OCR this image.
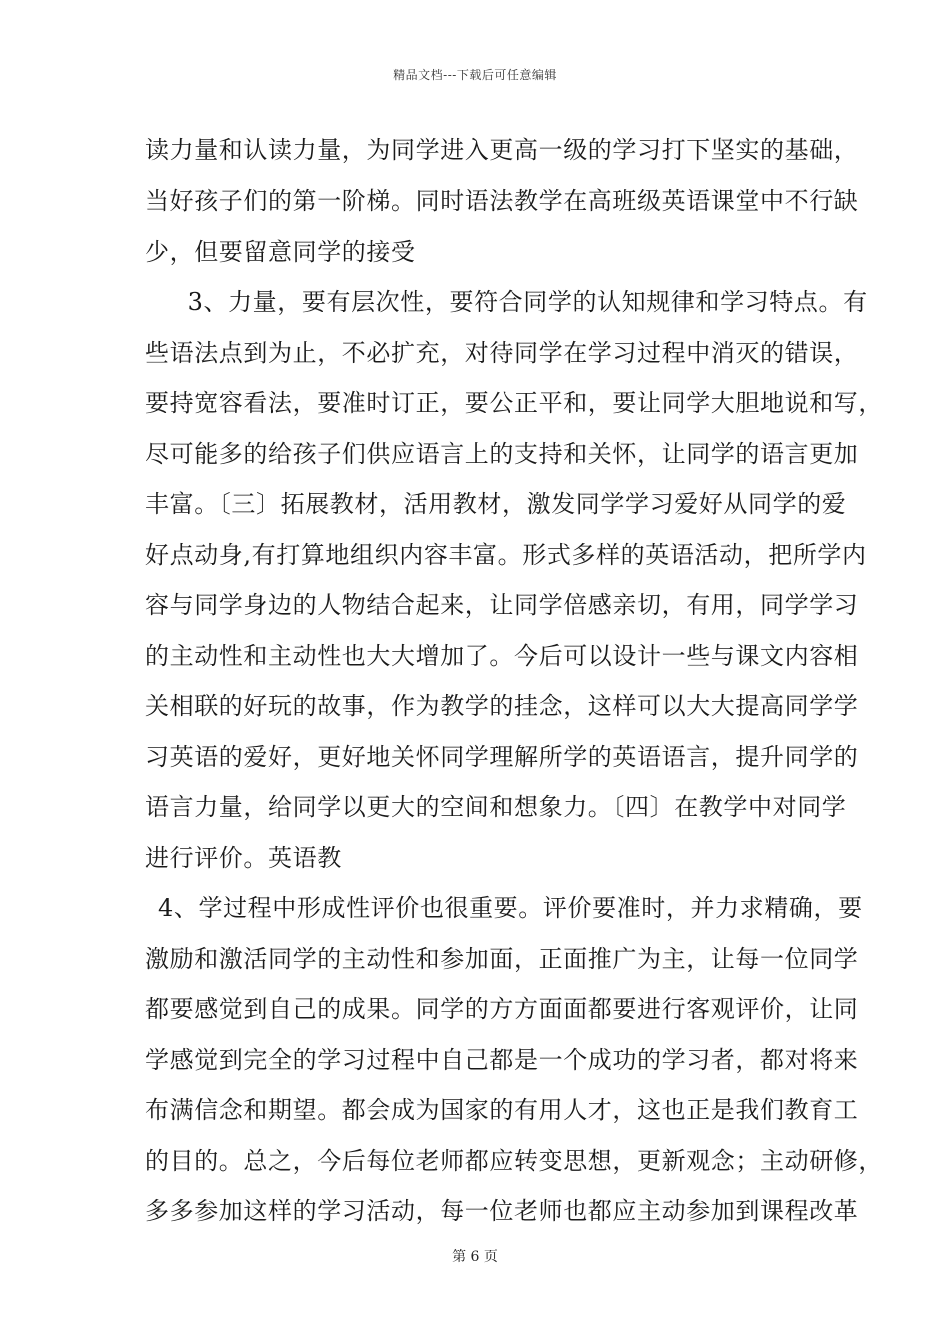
精品文档---下载后可任意编辑
读力量和认读力量，为同学进入更高一级的学习打下坚实的基础，
当好孩子们的第一阶梯。同时语法教学在高班级英语课堂中不行缺
少，但要留意同学的接受
　3、力量，要有层次性，要符合同学的认知规律和学习特点。有
些语法点到为止，不必扩充，对待同学在学习过程中消灭的错误，
要持宽容看法，要准时订正，要公正平和，要让同学大胆地说和写，
尽可能多的给孩子们供应语言上的支持和关怀，让同学的语言更加
丰富。〔三〕拓展教材，活用教材，激发同学学习爱好从同学的爱
好点动身,有打算地组织内容丰富。形式多样的英语活动，把所学内
容与同学身边的人物结合起来，让同学倍感亲切，有用，同学学习
的主动性和主动性也大大增加了。今后可以设计一些与课文内容相
关相联的好玩的故事，作为教学的挂念，这样可以大大提高同学学
习英语的爱好，更好地关怀同学理解所学的英语语言，提升同学的
语言力量，给同学以更大的空间和想象力。〔四〕在教学中对同学
进行评价。英语教
4、学过程中形成性评价也很重要。评价要准时，并力求精确，要
激励和激活同学的主动性和参加面，正面推广为主，让每一位同学
都要感觉到自己的成果。同学的方方面面都要进行客观评价，让同
学感觉到完全的学习过程中自己都是一个成功的学习者，都对将来
布满信念和期望。都会成为国家的有用人才，这也正是我们教育工
的目的。总之，今后每位老师都应转变思想，更新观念；主动研修，
多多参加这样的学习活动，每一位老师也都应主动参加到课程改革
第 6 页
